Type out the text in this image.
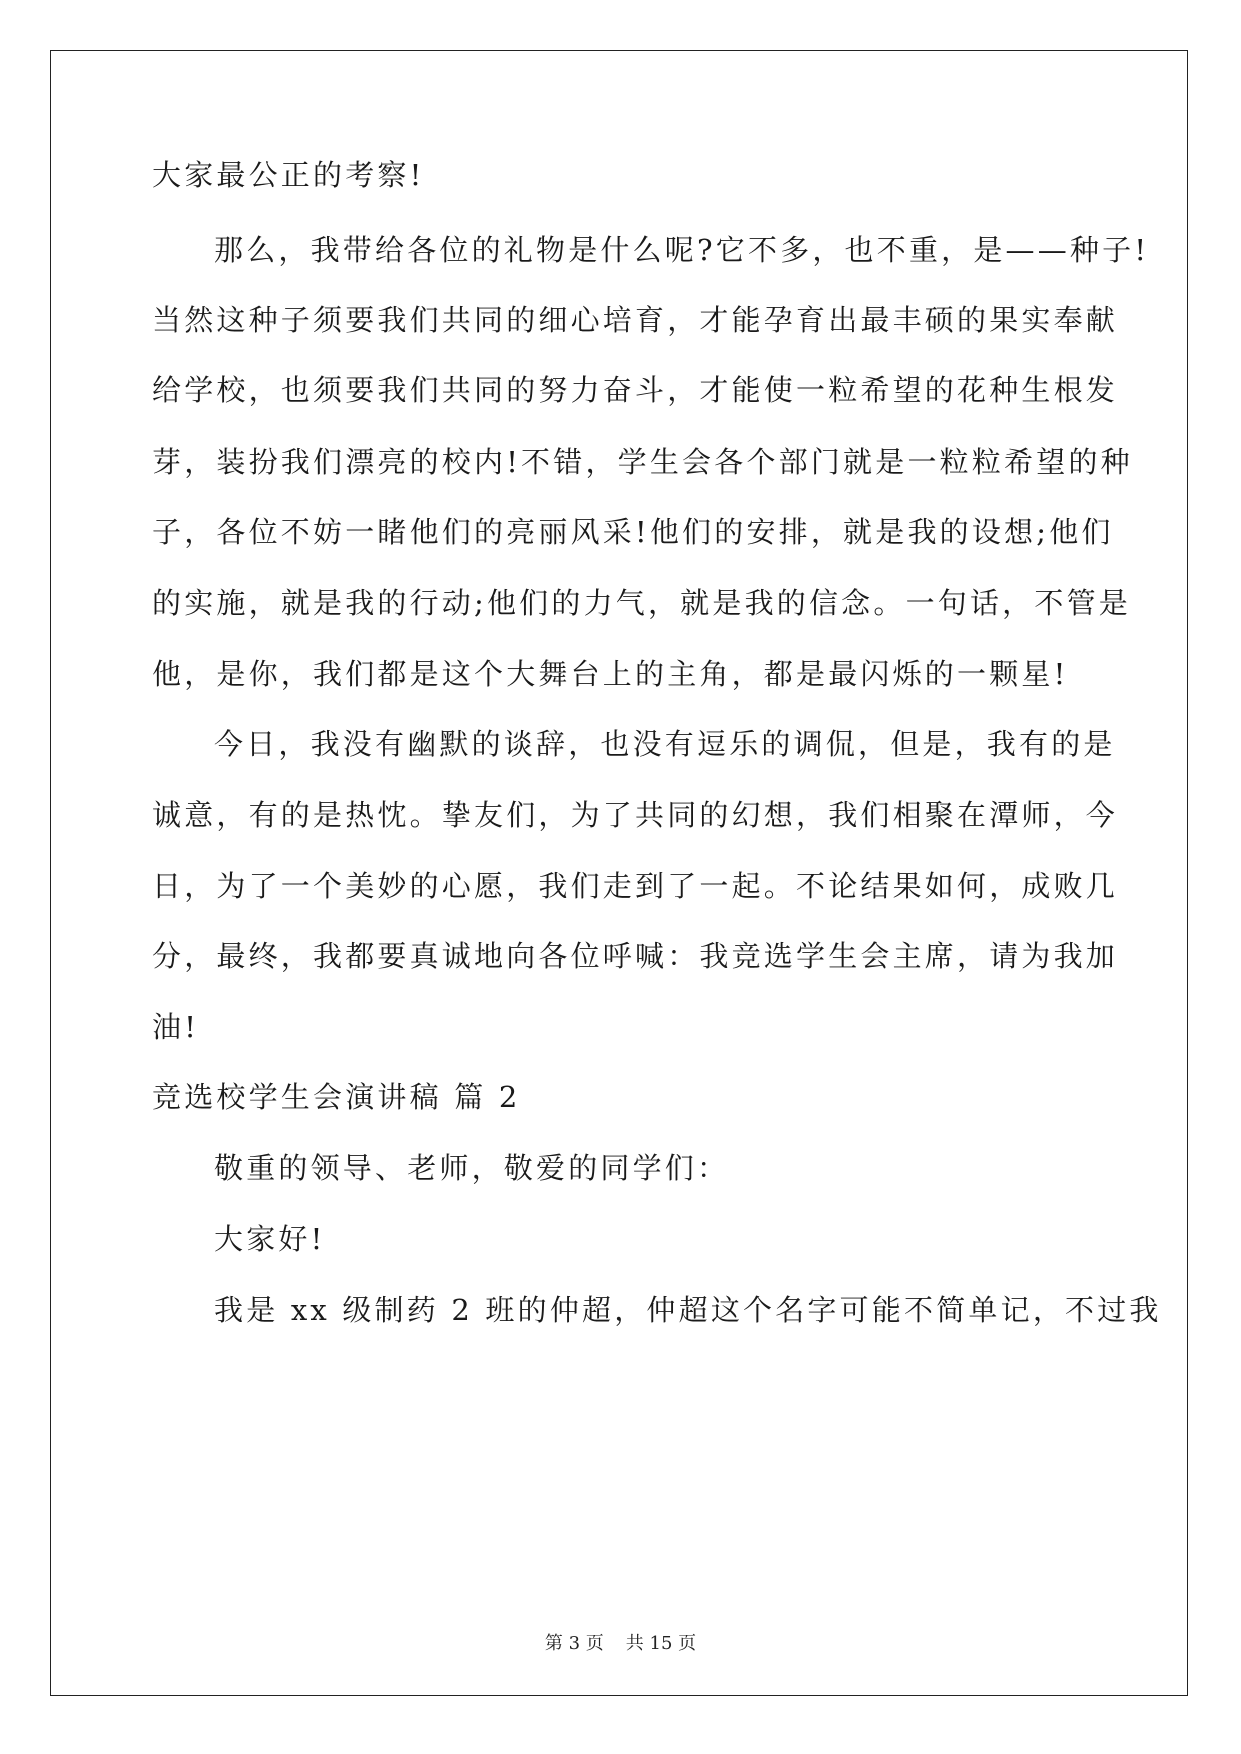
大家最公正的考察!
那么，我带给各位的礼物是什么呢?它不多，也不重，是——种子!
当然这种子须要我们共同的细心培育，才能孕育出最丰硕的果实奉献
给学校，也须要我们共同的努力奋斗，才能使一粒希望的花种生根发
芽，装扮我们漂亮的校内!不错，学生会各个部门就是一粒粒希望的种
子，各位不妨一睹他们的亮丽风采!他们的安排，就是我的设想;他们
的实施，就是我的行动;他们的力气，就是我的信念。一句话，不管是
他，是你，我们都是这个大舞台上的主角，都是最闪烁的一颗星!
今日，我没有幽默的谈辞，也没有逗乐的调侃，但是，我有的是
诚意，有的是热忱。挚友们，为了共同的幻想，我们相聚在潭师，今
日，为了一个美妙的心愿，我们走到了一起。不论结果如何，成败几
分，最终，我都要真诚地向各位呼喊：我竞选学生会主席，请为我加
油!
竞选校学生会演讲稿 篇 2
敬重的领导、老师，敬爱的同学们：
大家好!
我是 xx 级制药 2 班的仲超，仲超这个名字可能不简单记，不过我
第 3 页 共 15 页
